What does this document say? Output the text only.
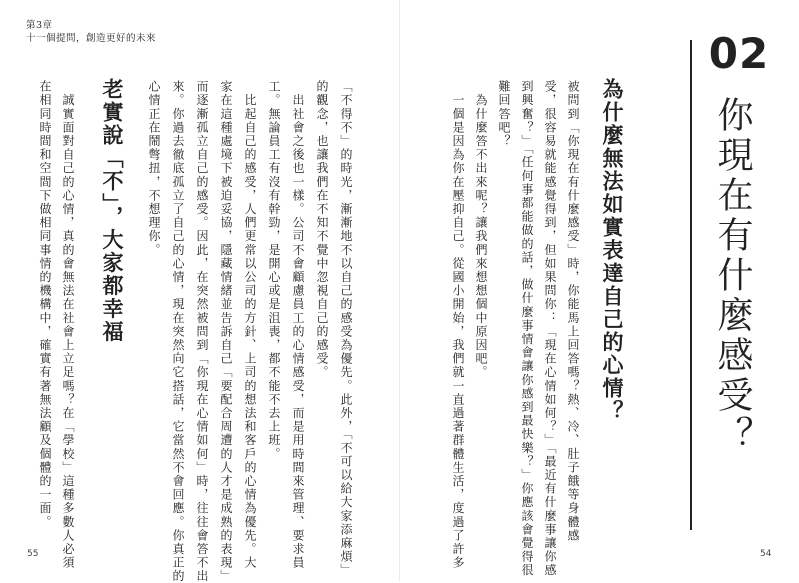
第3章
十一個提問，創造更好的未來
55	54
02
你現在有什麼感受？
為什麼無法如實表達自己的心情？
被問到「你現在有什麼感受」時，你能馬上回答嗎？熱、冷、肚子餓等身體感
受，很容易就能感覺得到，但如果問你：「現在心情如何？」「最近有什麼事讓你感
到興奮？」「任何事都能做的話，做什麼事情會讓你感到最快樂？」你應該會覺得很
難回答吧？
　為什麼答不出來呢？讓我們來想想個中原因吧。
　一個是因為你在壓抑自己。從國小開始，我們就一直過著群體生活，度過了許多
「不得不」的時光，漸漸地不以自己的感受為優先。此外，「不可以給大家添麻煩」
的觀念，也讓我們在不知不覺中忽視自己的感受。
　出社會之後也一樣。公司不會顧慮員工的心情感受，而是用時間來管理、要求員
工。無論員工有沒有幹勁，是開心或是沮喪，都不能不去上班。
　比起自己的感受，人們更常以公司的方針、上司的想法和客戶的心情為優先。大
家在這種處境下被迫妥協，隱藏情緒並告訴自己「要配合周遭的人才是成熟的表現」
而逐漸孤立自己的感受。因此，在突然被問到「你現在心情如何」時，往往會答不出
來。你過去徹底孤立了自己的心情，現在突然向它搭話，它當然不會回應。你真正的
心情正在鬧彆扭，不想理你。
老實說「不」，大家都幸福
　誠實面對自己的心情，真的會無法在社會上立足嗎？在「學校」這種多數人必須
在相同時間和空間下做相同事情的機構中，確實有著無法顧及個體的一面。
